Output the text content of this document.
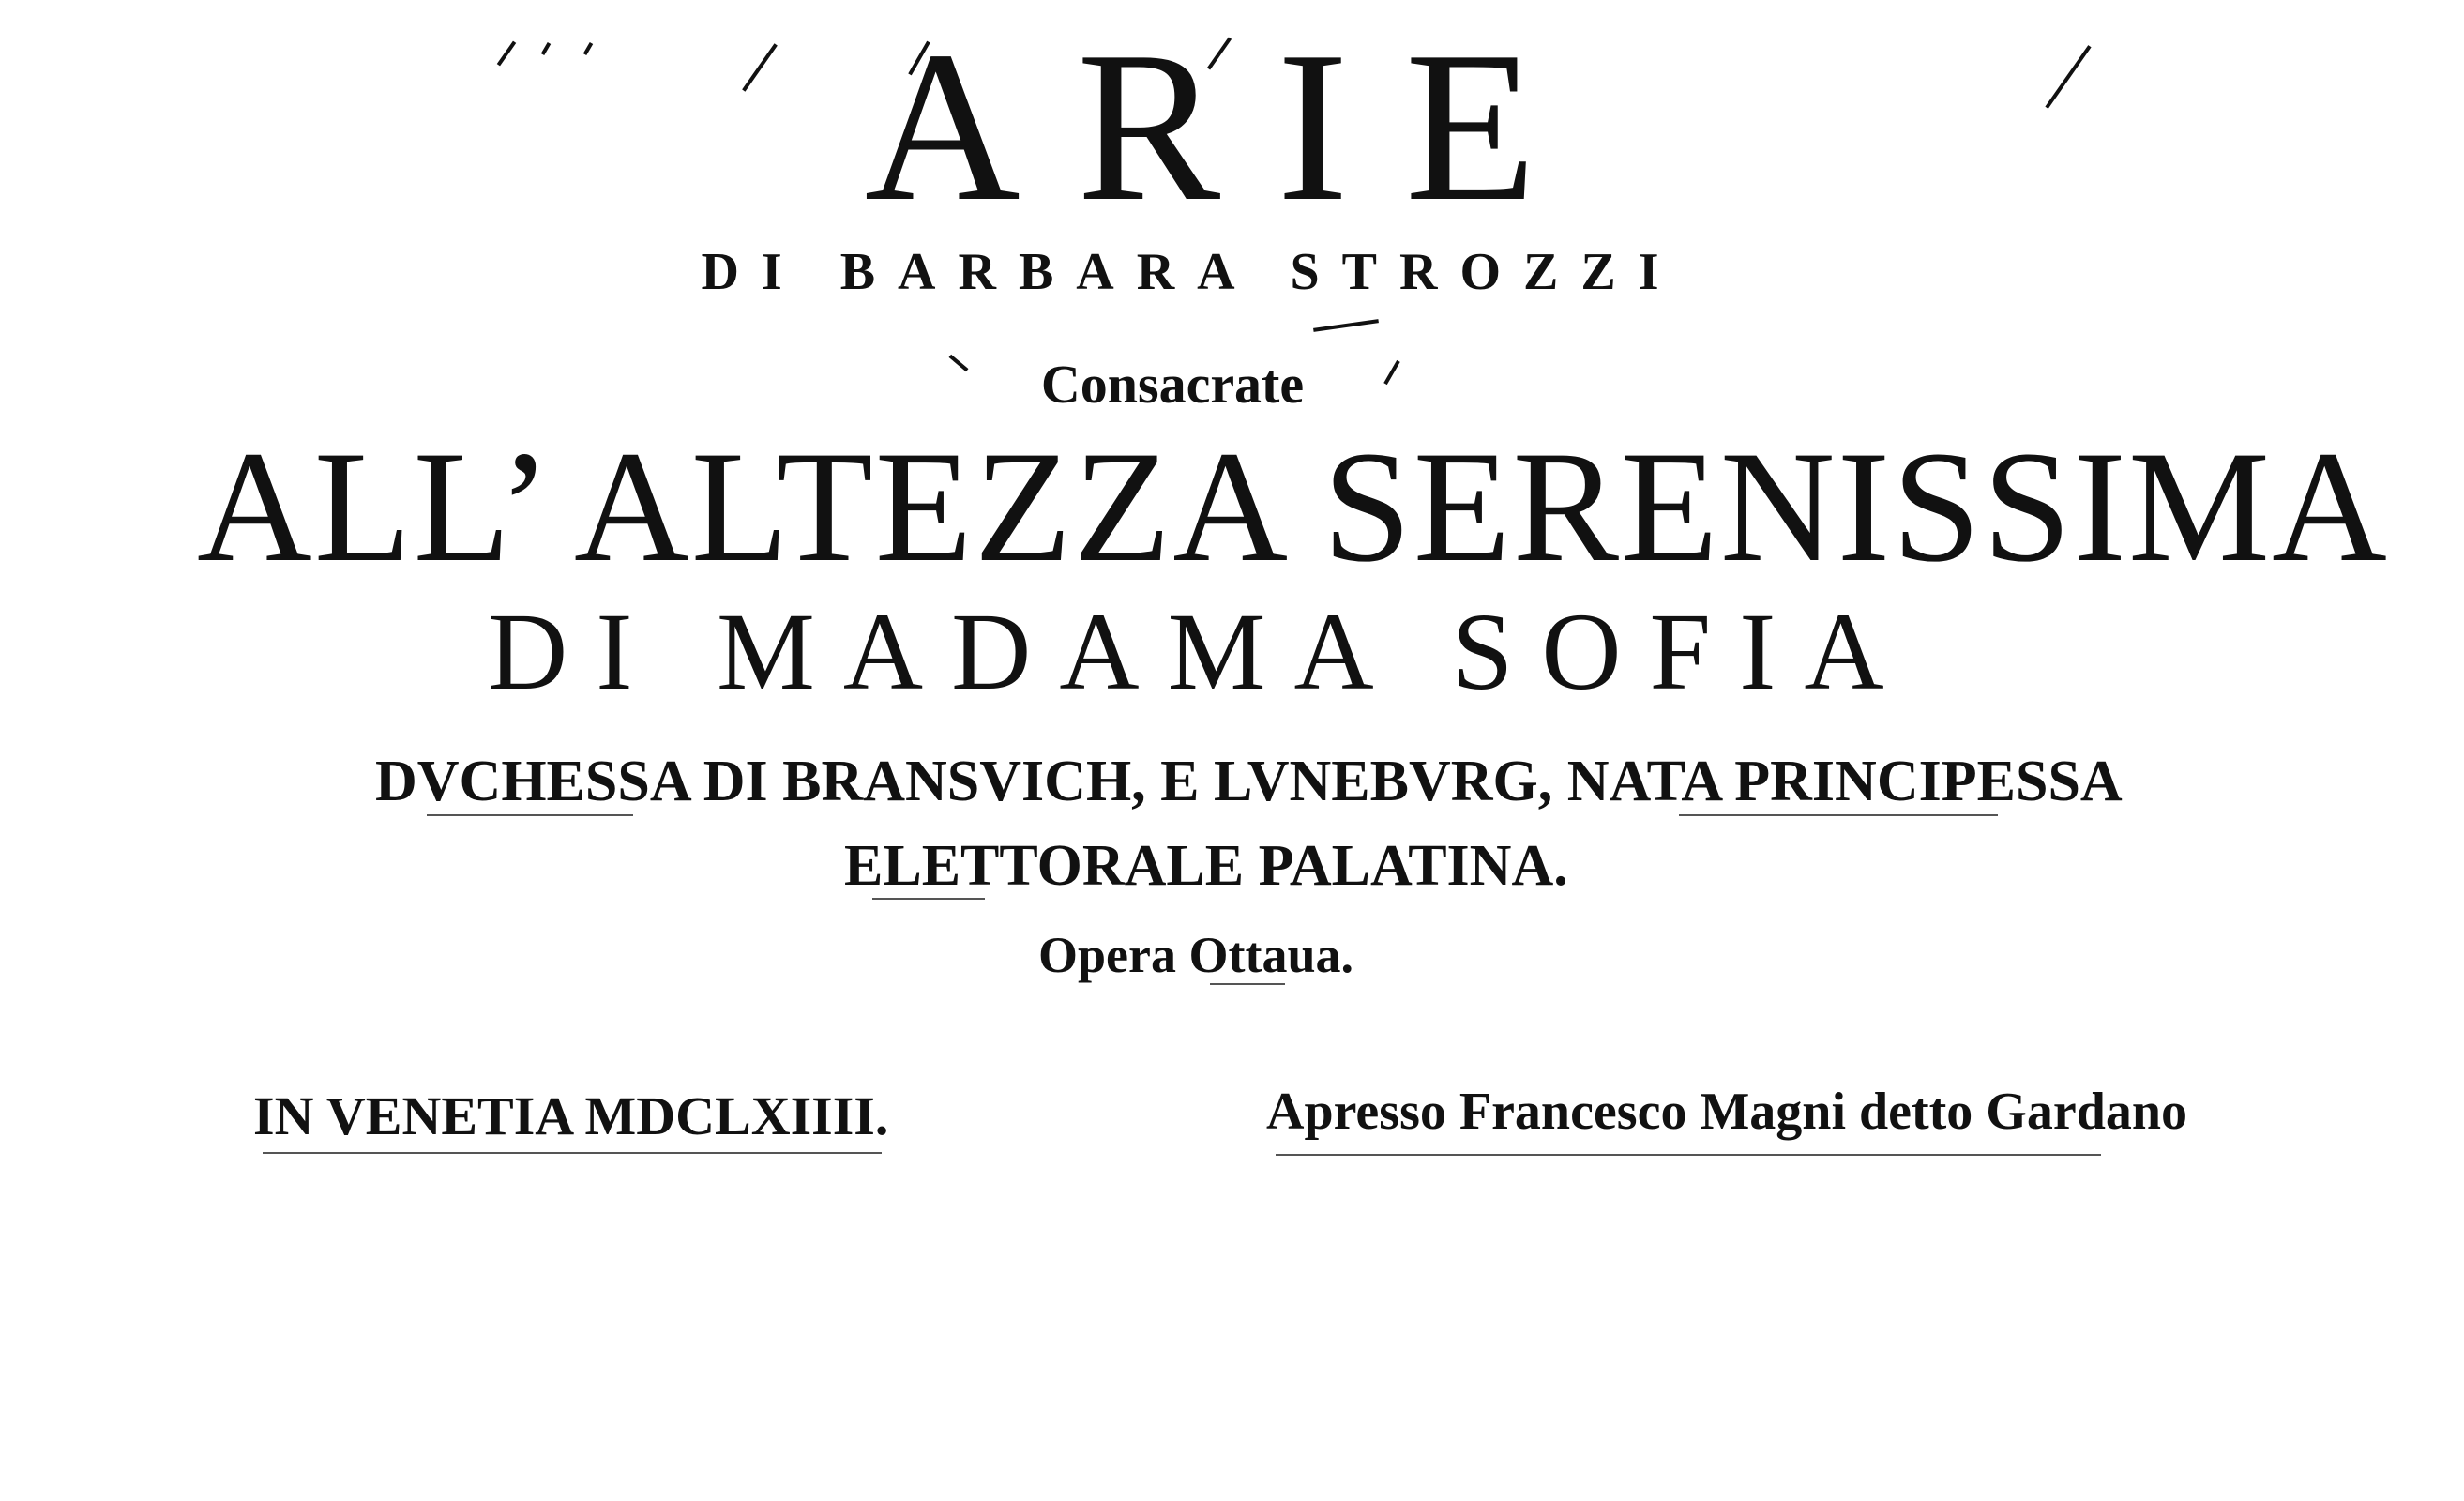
ARIE
DI BARBARA STROZZI
Consacrate
ALL’ ALTEZZA SERENISSIMA
DI MADAMA SOFIA
DVCHESSA DI BRANSVICH, E LVNEBVRG, NATA PRINCIPESSA
ELETTORALE PALATINA.
Opera Ottaua.
IN VENETIA MDCLXIIII.	Apresso Francesco Magni detto Gardano
